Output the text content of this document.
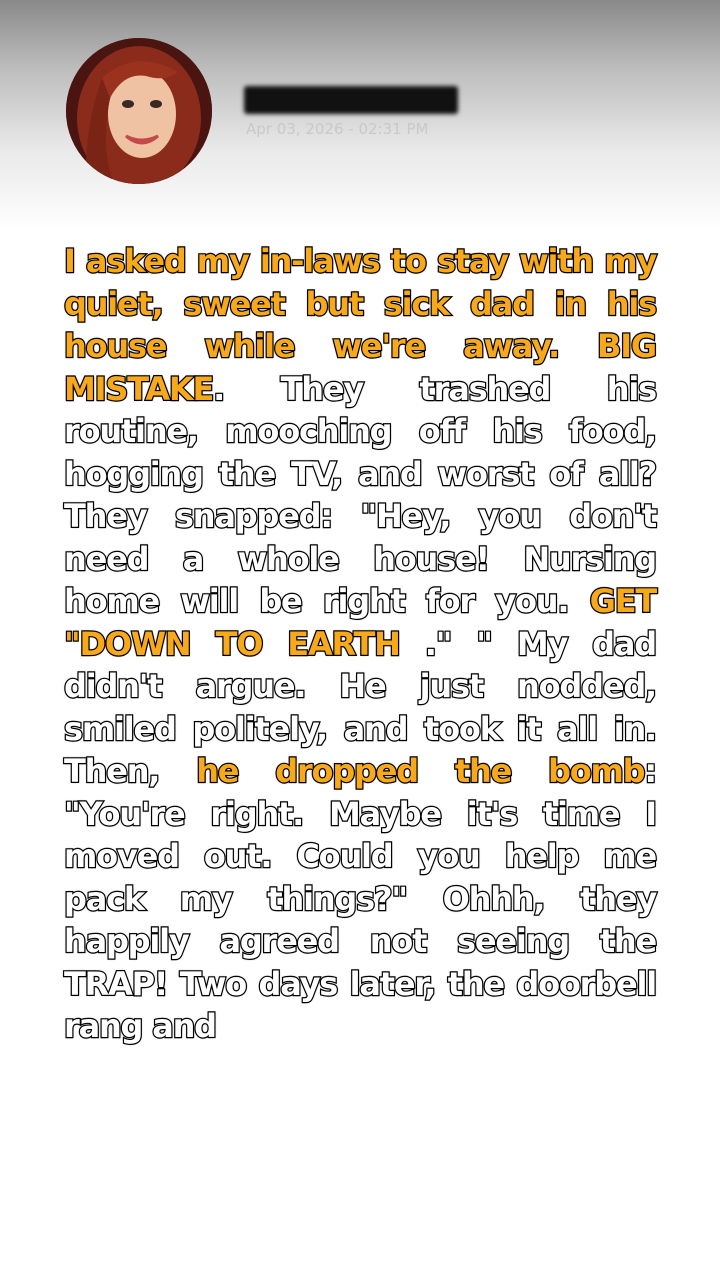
Apr 03, 2026 - 02:31 PM
I asked my in-laws to stay with my quiet, sweet but sick dad in his house while we're away. BIG MISTAKE. They trashed his routine, mooching off his food, hogging the TV, and worst of all? They snapped: "Hey, you don't need a whole house! Nursing home will be right for you. GET "DOWN TO EARTH ." " My dad didn't argue. He just nodded, smiled politely, and took it all in. Then, he dropped the bomb: "You're right. Maybe it's time I moved out. Could you help me pack my things?" Ohhh, they happily agreed not seeing the TRAP! Two days later, the doorbell rang and
